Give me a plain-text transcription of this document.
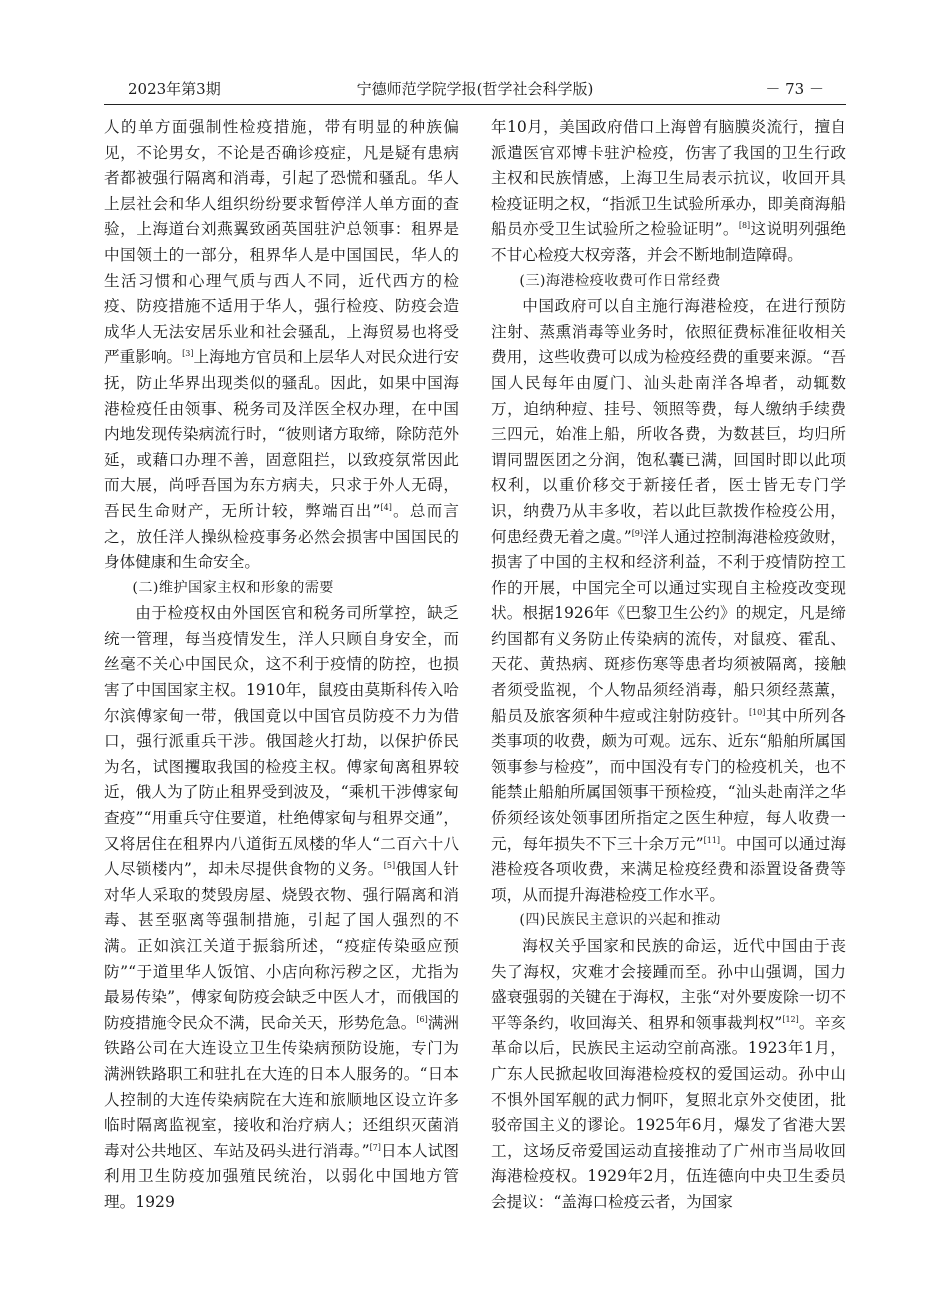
宁德师范学院学报(哲学社会科学版)
2023年第3期	－ 73 －

人的单方面强制性检疫措施，带有明显的种族偏见，不论男女，不论是否确诊疫症，凡是疑有患病者都被强行隔离和消毒，引起了恐慌和骚乱。华人上层社会和华人组织纷纷要求暂停洋人单方面的查验，上海道台刘燕翼致函英国驻沪总领事：租界是中国领土的一部分，租界华人是中国国民，华人的生活习惯和心理气质与西人不同，近代西方的检疫、防疫措施不适用于华人，强行检疫、防疫会造成华人无法安居乐业和社会骚乱，上海贸易也将受严重影响。[3]上海地方官员和上层华人对民众进行安抚，防止华界出现类似的骚乱。因此，如果中国海港检疫任由领事、税务司及洋医全权办理，在中国内地发现传染病流行时，“彼则诸方取缔，除防范外延，或藉口办理不善，固意阻拦，以致疫氛常因此而大展，尚呼吾国为东方病夫，只求于外人无碍，吾民生命财产，无所计较，弊端百出”[4]。总而言之，放任洋人操纵检疫事务必然会损害中国国民的身体健康和生命安全。

(二)维护国家主权和形象的需要

由于检疫权由外国医官和税务司所掌控，缺乏统一管理，每当疫情发生，洋人只顾自身安全，而丝毫不关心中国民众，这不利于疫情的防控，也损害了中国国家主权。1910年，鼠疫由莫斯科传入哈尔滨傅家甸一带，俄国竟以中国官员防疫不力为借口，强行派重兵干涉。俄国趁火打劫，以保护侨民为名，试图攫取我国的检疫主权。傅家甸离租界较近，俄人为了防止租界受到波及，“乘机干涉傅家甸查疫”“用重兵守住要道，杜绝傅家甸与租界交通”，又将居住在租界内八道街五凤楼的华人“二百六十八人尽锁楼内”，却未尽提供食物的义务。[5]俄国人针对华人采取的焚毁房屋、烧毁衣物、强行隔离和消毒、甚至驱离等强制措施，引起了国人强烈的不满。正如滨江关道于振翁所述，“疫症传染亟应预防”“于道里华人饭馆、小店向称污秽之区，尤指为最易传染”，傅家甸防疫会缺乏中医人才，而俄国的防疫措施令民众不满，民命关天，形势危急。[6]满洲铁路公司在大连设立卫生传染病预防设施，专门为满洲铁路职工和驻扎在大连的日本人服务的。“日本人控制的大连传染病院在大连和旅顺地区设立许多临时隔离监视室，接收和治疗病人；还组织灭菌消毒对公共地区、车站及码头进行消毒。”[7]日本人试图利用卫生防疫加强殖民统治，以弱化中国地方管理。1929

年10月，美国政府借口上海曾有脑膜炎流行，擅自派遣医官邓博卡驻沪检疫，伤害了我国的卫生行政主权和民族情感，上海卫生局表示抗议，收回开具检疫证明之权，“指派卫生试验所承办，即美商海船船员亦受卫生试验所之检验证明”。[8]这说明列强绝不甘心检疫大权旁落，并会不断地制造障碍。

(三)海港检疫收费可作日常经费

中国政府可以自主施行海港检疫，在进行预防注射、蒸熏消毒等业务时，依照征费标准征收相关费用，这些收费可以成为检疫经费的重要来源。“吾国人民每年由厦门、汕头赴南洋各埠者，动辄数万，迫纳种痘、挂号、领照等费，每人缴纳手续费三四元，始准上船，所收各费，为数甚巨，均归所谓同盟医团之分润，饱私囊已满，回国时即以此项权利，以重价移交于新接任者，医士皆无专门学识，纳费乃从丰多收，若以此巨款拨作检疫公用，何患经费无着之虞。”[9]洋人通过控制海港检疫敛财，损害了中国的主权和经济利益，不利于疫情防控工作的开展，中国完全可以通过实现自主检疫改变现状。根据1926年《巴黎卫生公约》的规定，凡是缔约国都有义务防止传染病的流传，对鼠疫、霍乱、天花、黄热病、斑疹伤寒等患者均须被隔离，接触者须受监视，个人物品须经消毒，船只须经蒸薰，船员及旅客须种牛痘或注射防疫针。[10]其中所列各类事项的收费，颇为可观。远东、近东“船舶所属国领事参与检疫”，而中国没有专门的检疫机关，也不能禁止船舶所属国领事干预检疫，“汕头赴南洋之华侨须经该处领事团所指定之医生种痘，每人收费一元，每年损失不下三十余万元”[11]。中国可以通过海港检疫各项收费，来满足检疫经费和添置设备费等项，从而提升海港检疫工作水平。

(四)民族民主意识的兴起和推动

海权关乎国家和民族的命运，近代中国由于丧失了海权，灾难才会接踵而至。孙中山强调，国力盛衰强弱的关键在于海权，主张“对外要废除一切不平等条约，收回海关、租界和领事裁判权”[12]。辛亥革命以后，民族民主运动空前高涨。1923年1月，广东人民掀起收回海港检疫权的爱国运动。孙中山不惧外国军舰的武力恫吓，复照北京外交使团，批驳帝国主义的谬论。1925年6月，爆发了省港大罢工，这场反帝爱国运动直接推动了广州市当局收回海港检疫权。1929年2月，伍连德向中央卫生委员会提议：“盖海口检疫云者，为国家
